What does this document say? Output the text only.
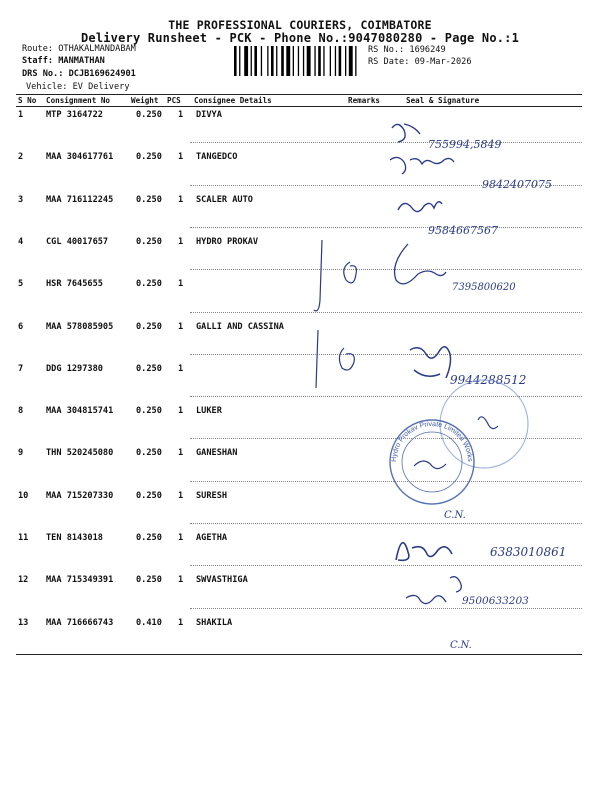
THE PROFESSIONAL COURIERS, COIMBATORE
Delivery Runsheet - PCK - Phone No.:9047080280 - Page No.:1
Route: OTHAKALMANDABAM
Staff: MANMATHAN
DRS No.: DCJB169624901
Vehicle: EV Delivery
RS No.: 1696249
RS Date: 09-Mar-2026
S No Consignment No	Weight PCS Consignee Details	Remarks	Seal & Signature
1	MTP 3164722	0.250 1 DIVYA
2	MAA 304617761	0.250 1 TANGEDCO
3	MAA 716112245	0.250 1 SCALER AUTO
4	CGL 40017657	0.250 1 HYDRO PROKAV
5	HSR 7645655	0.250 1
6	MAA 578085905	0.250 1 GALLI AND CASSINA
7	DDG 1297380	0.250 1
8	MAA 304815741	0.250 1 LUKER
9	THN 520245080	0.250 1 GANESHAN
10 MAA 715207330	0.250 1 SURESH
11 TEN 8143018	0.250 1 AGETHA
12 MAA 715349391	0.250 1 SWVASTHIGA
13 MAA 716666743	0.410 1 SHAKILA
755994,5849
9842407075
9584667567
7395800620
9944288512
Hydro Prokav Private Limited Works
C.N.
6383010861
9500633203
C.N.
